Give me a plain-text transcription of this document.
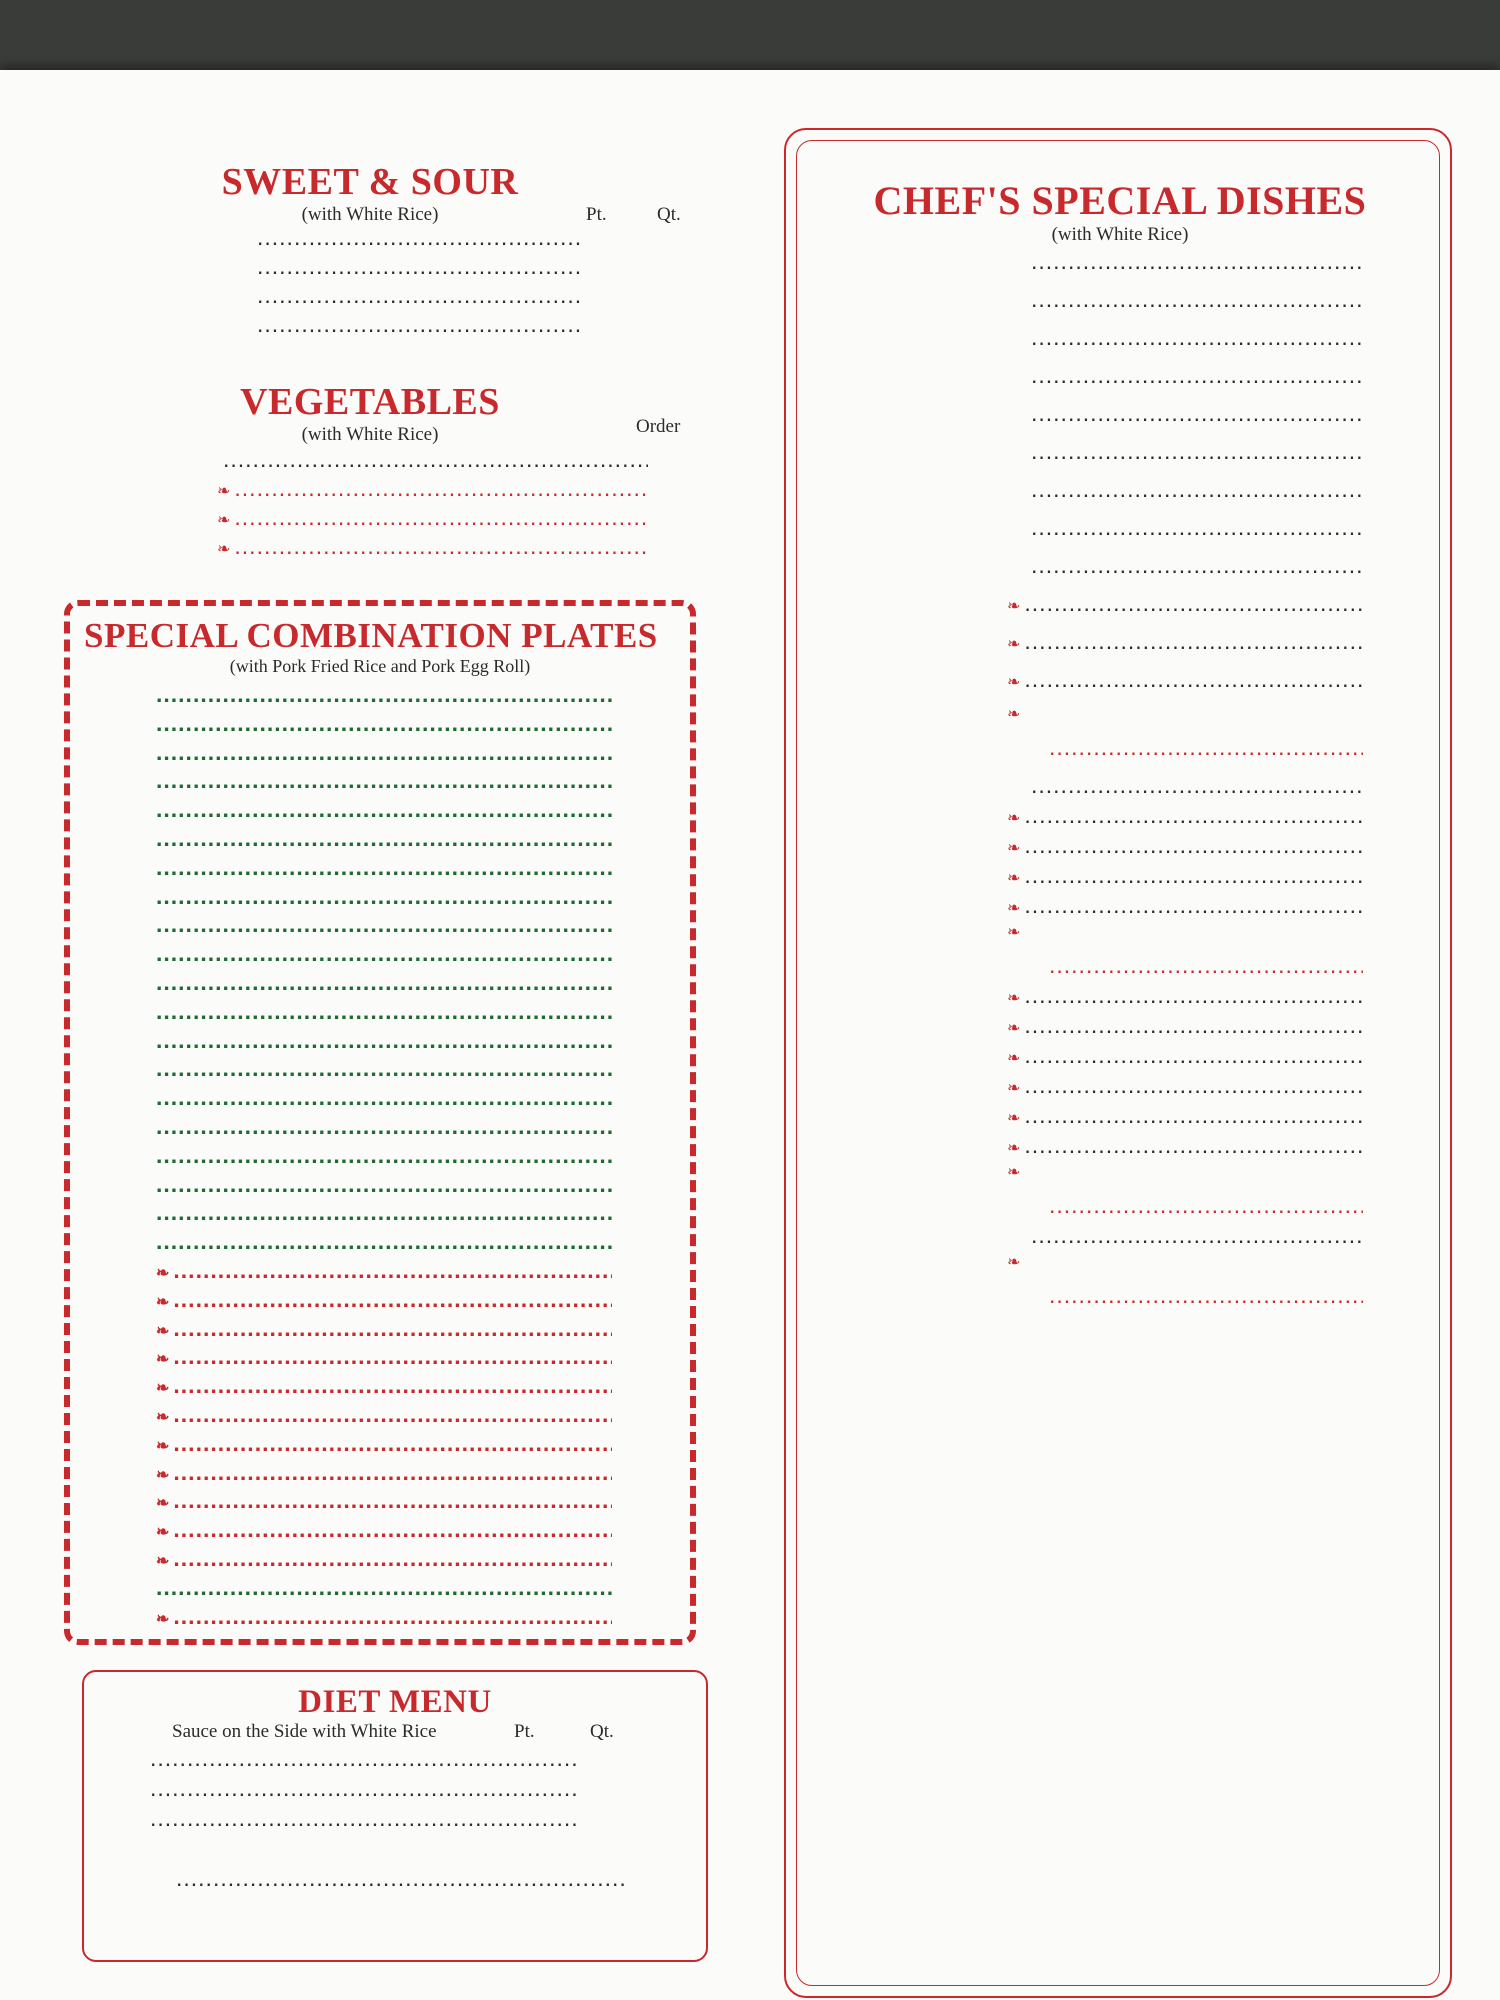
SWEET & SOUR
(with White Rice)	Pt.	Qt.
.....
.....
.....
.....
VEGETABLES
(with White Rice)	Order
.....
❧
.....
❧
.....
❧
.....
SPECIAL COMBINATION PLATES
(with Pork Fried Rice and Pork Egg Roll)
.....
.....
.....
.....
.....
.....
.....
.....
.....
.....
.....
.....
.....
.....
.....
.....
.....
.....
.....
.....
❧
.....
❧
.....
❧
.....
❧
.....
❧
.....
❧
.....
❧
.....
❧
.....
❧
.....
❧
.....
❧
.....
.....
❧
.....
DIET MENU
Sauce on the Side with White Rice	Pt.	Qt.
.....
.....
.....
.....
CHEF'S SPECIAL DISHES
(with White Rice)
.....
.....
.....
.....
.....
.....
.....
.....
.....
❧
.....
❧
.....
❧
.....
❧
.....
.....
❧
.....
❧
.....
❧
.....
❧
.....
❧
.....
❧
.....
❧
.....
❧
.....
❧
.....
❧
.....
❧
.....
❧
.....
.....
❧
.....
